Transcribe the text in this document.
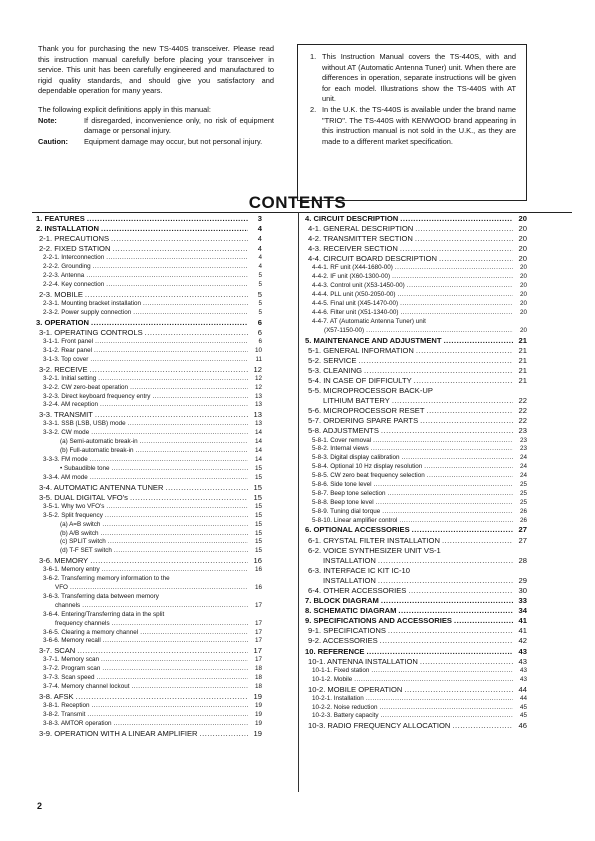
Thank you for purchasing the new TS-440S transceiver. Please read this instruction manual carefully before placing your transceiver in service. This unit has been carefully engineered and manufactured to rigid quality standards, and should give you satisfactory and dependable operation for many years.

The following explicit definitions apply in this manual:

Note:	If disregarded, inconvenience only, no risk of equipment damage or personal injury.
Caution:	Equipment damage may occur, but not personal injury.
1. This Instruction Manual covers the TS-440S, with and without AT (Automatic Antenna Tuner) unit. When there are differences in operation, separate instructions will be given for each model. Illustrations show the TS-440S with AT unit.
2. In the U.K. the TS-440S is available under the brand name "TRIO". The TS-440S with KENWOOD brand appearing in this instruction manual is not sold in the U.K., as they are made to a different market specification.
CONTENTS
1. FEATURES .....	3
2. INSTALLATION .....	4
2-1. PRECAUTIONS .....	4
2-2. FIXED STATION .....	4
2-2-1. Interconnection .....	4
2-2-2. Grounding .....	4
2-2-3. Antenna .....	5
2-2-4. Key connection .....	5
2-3. MOBILE .....	5
2-3-1. Mounting bracket installation .....	5
2-3-2. Power supply connection .....	5
3. OPERATION .....	6
3-1. OPERATING CONTROLS .....	6
3-1-1. Front panel .....	6
3-1-2. Rear panel .....	10
3-1-3. Top cover .....	11
3-2. RECEIVE .....	12
3-2-1. Initial setting .....	12
3-2-2. CW zero-beat operation .....	12
3-2-3. Direct keyboard frequency entry .....	13
3-2-4. AM reception .....	13
3-3. TRANSMIT .....	13
3-3-1. SSB (LSB, USB) mode .....	13
3-3-2. CW mode .....	14
(a) Semi-automatic break-in .....	14
(b) Full-automatic break-in .....	14
3-3-3. FM mode .....	14
• Subaudible tone .....	15
3-3-4. AM mode .....	15
3-4. AUTOMATIC ANTENNA TUNER .....	15
3-5. DUAL DIGITAL VFO's .....	15
3-5-1. Why two VFO's .....	15
3-5-2. Split frequency .....	15
(a) A=B switch .....	15
(b) A/B switch .....	15
(c) SPLIT switch .....	15
(d) T-F SET switch .....	15
3-6. MEMORY .....	16
3-6-1. Memory entry .....	16
3-6-2. Transferring memory information to the
VFO .....	16
3-6-3. Transferring data between memory
channels .....	17
3-6-4. Entering/Transferring data in the split
frequency channels .....	17
3-6-5. Clearing a memory channel .....	17
3-6-6. Memory recall .....	17
3-7. SCAN .....	17
3-7-1. Memory scan .....	17
3-7-2. Program scan .....	18
3-7-3. Scan speed .....	18
3-7-4. Memory channel lockout .....	18
3-8. AFSK .....	19
3-8-1. Reception .....	19
3-8-2. Transmit .....	19
3-8-3. AMTOR operation .....	19
3-9. OPERATION WITH A LINEAR AMPLIFIER .....	19
4. CIRCUIT DESCRIPTION .....	20
4-1. GENERAL DESCRIPTION .....	20
4-2. TRANSMITTER SECTION .....	20
4-3. RECEIVER SECTION .....	20
4-4. CIRCUIT BOARD DESCRIPTION .....	20
4-4-1. RF unit (X44-1680-00) .....	20
4-4-2. IF unit (X60-1300-00) .....	20
4-4-3. Control unit (X53-1450-00) .....	20
4-4-4. PLL unit (X50-2050-00) .....	20
4-4-5. Final unit (X45-1470-00) .....	20
4-4-6. Filter unit (X51-1340-00) .....	20
4-4-7. AT (Automatic Antenna Tuner) unit
(X57-1150-00) .....	20
5. MAINTENANCE AND ADJUSTMENT .....	21
5-1. GENERAL INFORMATION .....	21
5-2. SERVICE .....	21
5-3. CLEANING .....	21
5-4. IN CASE OF DIFFICULTY .....	21
5-5. MICROPROCESSOR BACK-UP
LITHIUM BATTERY .....	22
5-6. MICROPROCESSOR RESET .....	22
5-7. ORDERING SPARE PARTS .....	22
5-8. ADJUSTMENTS .....	23
5-8-1. Cover removal .....	23
5-8-2. Internal views .....	23
5-8-3. Digital display calibration .....	24
5-8-4. Optional 10 Hz display resolution .....	24
5-8-5. CW zero beat frequency selection .....	24
5-8-6. Side tone level .....	25
5-8-7. Beep tone selection .....	25
5-8-8. Beep tone level .....	25
5-8-9. Tuning dial torque .....	26
5-8-10. Linear amplifier control .....	26
6. OPTIONAL ACCESSORIES .....	27
6-1. CRYSTAL FILTER INSTALLATION .....	27
6-2. VOICE SYNTHESIZER UNIT VS-1
INSTALLATION .....	28
6-3. INTERFACE IC KIT IC-10
INSTALLATION .....	29
6-4. OTHER ACCESSORIES .....	30
7. BLOCK DIAGRAM .....	33
8. SCHEMATIC DIAGRAM .....	34
9. SPECIFICATIONS AND ACCESSORIES .....	41
9-1. SPECIFICATIONS .....	41
9-2. ACCESSORIES .....	42
10. REFERENCE .....	43
10-1. ANTENNA INSTALLATION .....	43
10-1-1. Fixed station .....	43
10-1-2. Mobile .....	43
10-2. MOBILE OPERATION .....	44
10-2-1. Installation .....	44
10-2-2. Noise reduction .....	45
10-2-3. Battery capacity .....	45
10-3. RADIO FREQUENCY ALLOCATION .....	46
2
